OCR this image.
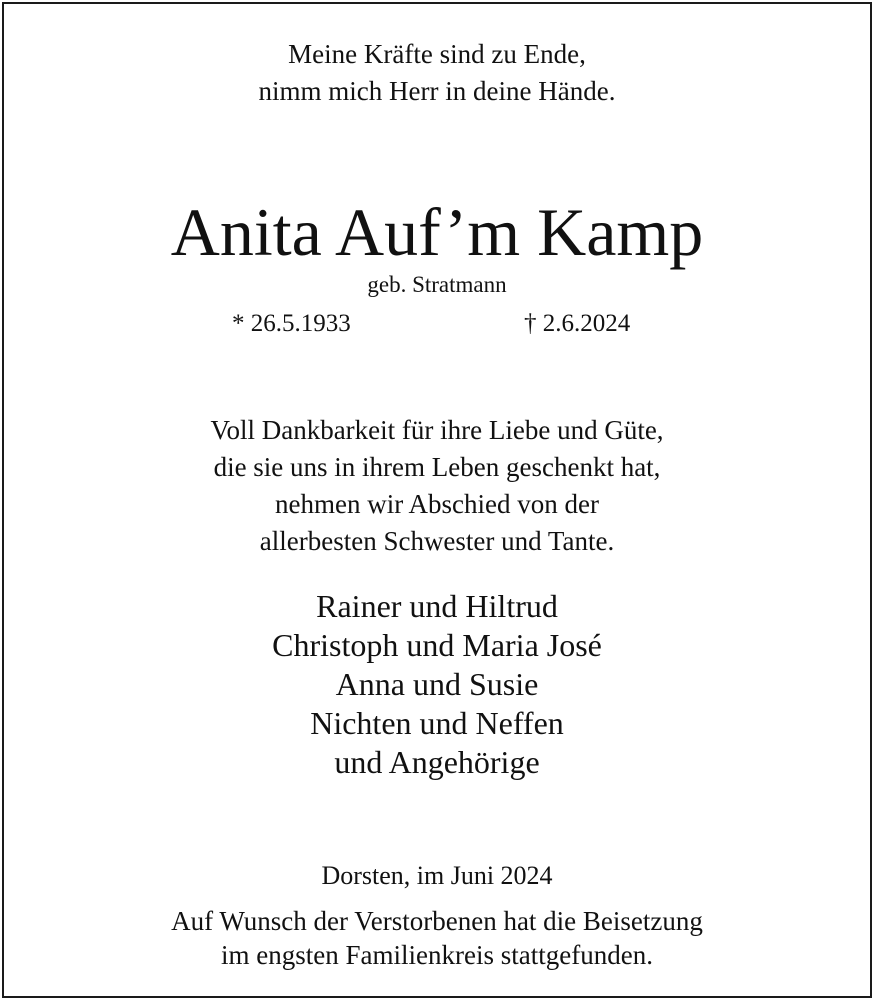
Meine Kräfte sind zu Ende,
nimm mich Herr in deine Hände.
Anita Auf’m Kamp
geb. Stratmann
* 26.5.1933	† 2.6.2024
Voll Dankbarkeit für ihre Liebe und Güte,
die sie uns in ihrem Leben geschenkt hat,
nehmen wir Abschied von der
allerbesten Schwester und Tante.
Rainer und Hiltrud
Christoph und Maria José
Anna und Susie
Nichten und Neffen
und Angehörige
Dorsten, im Juni 2024
Auf Wunsch der Verstorbenen hat die Beisetzung
im engsten Familienkreis stattgefunden.
